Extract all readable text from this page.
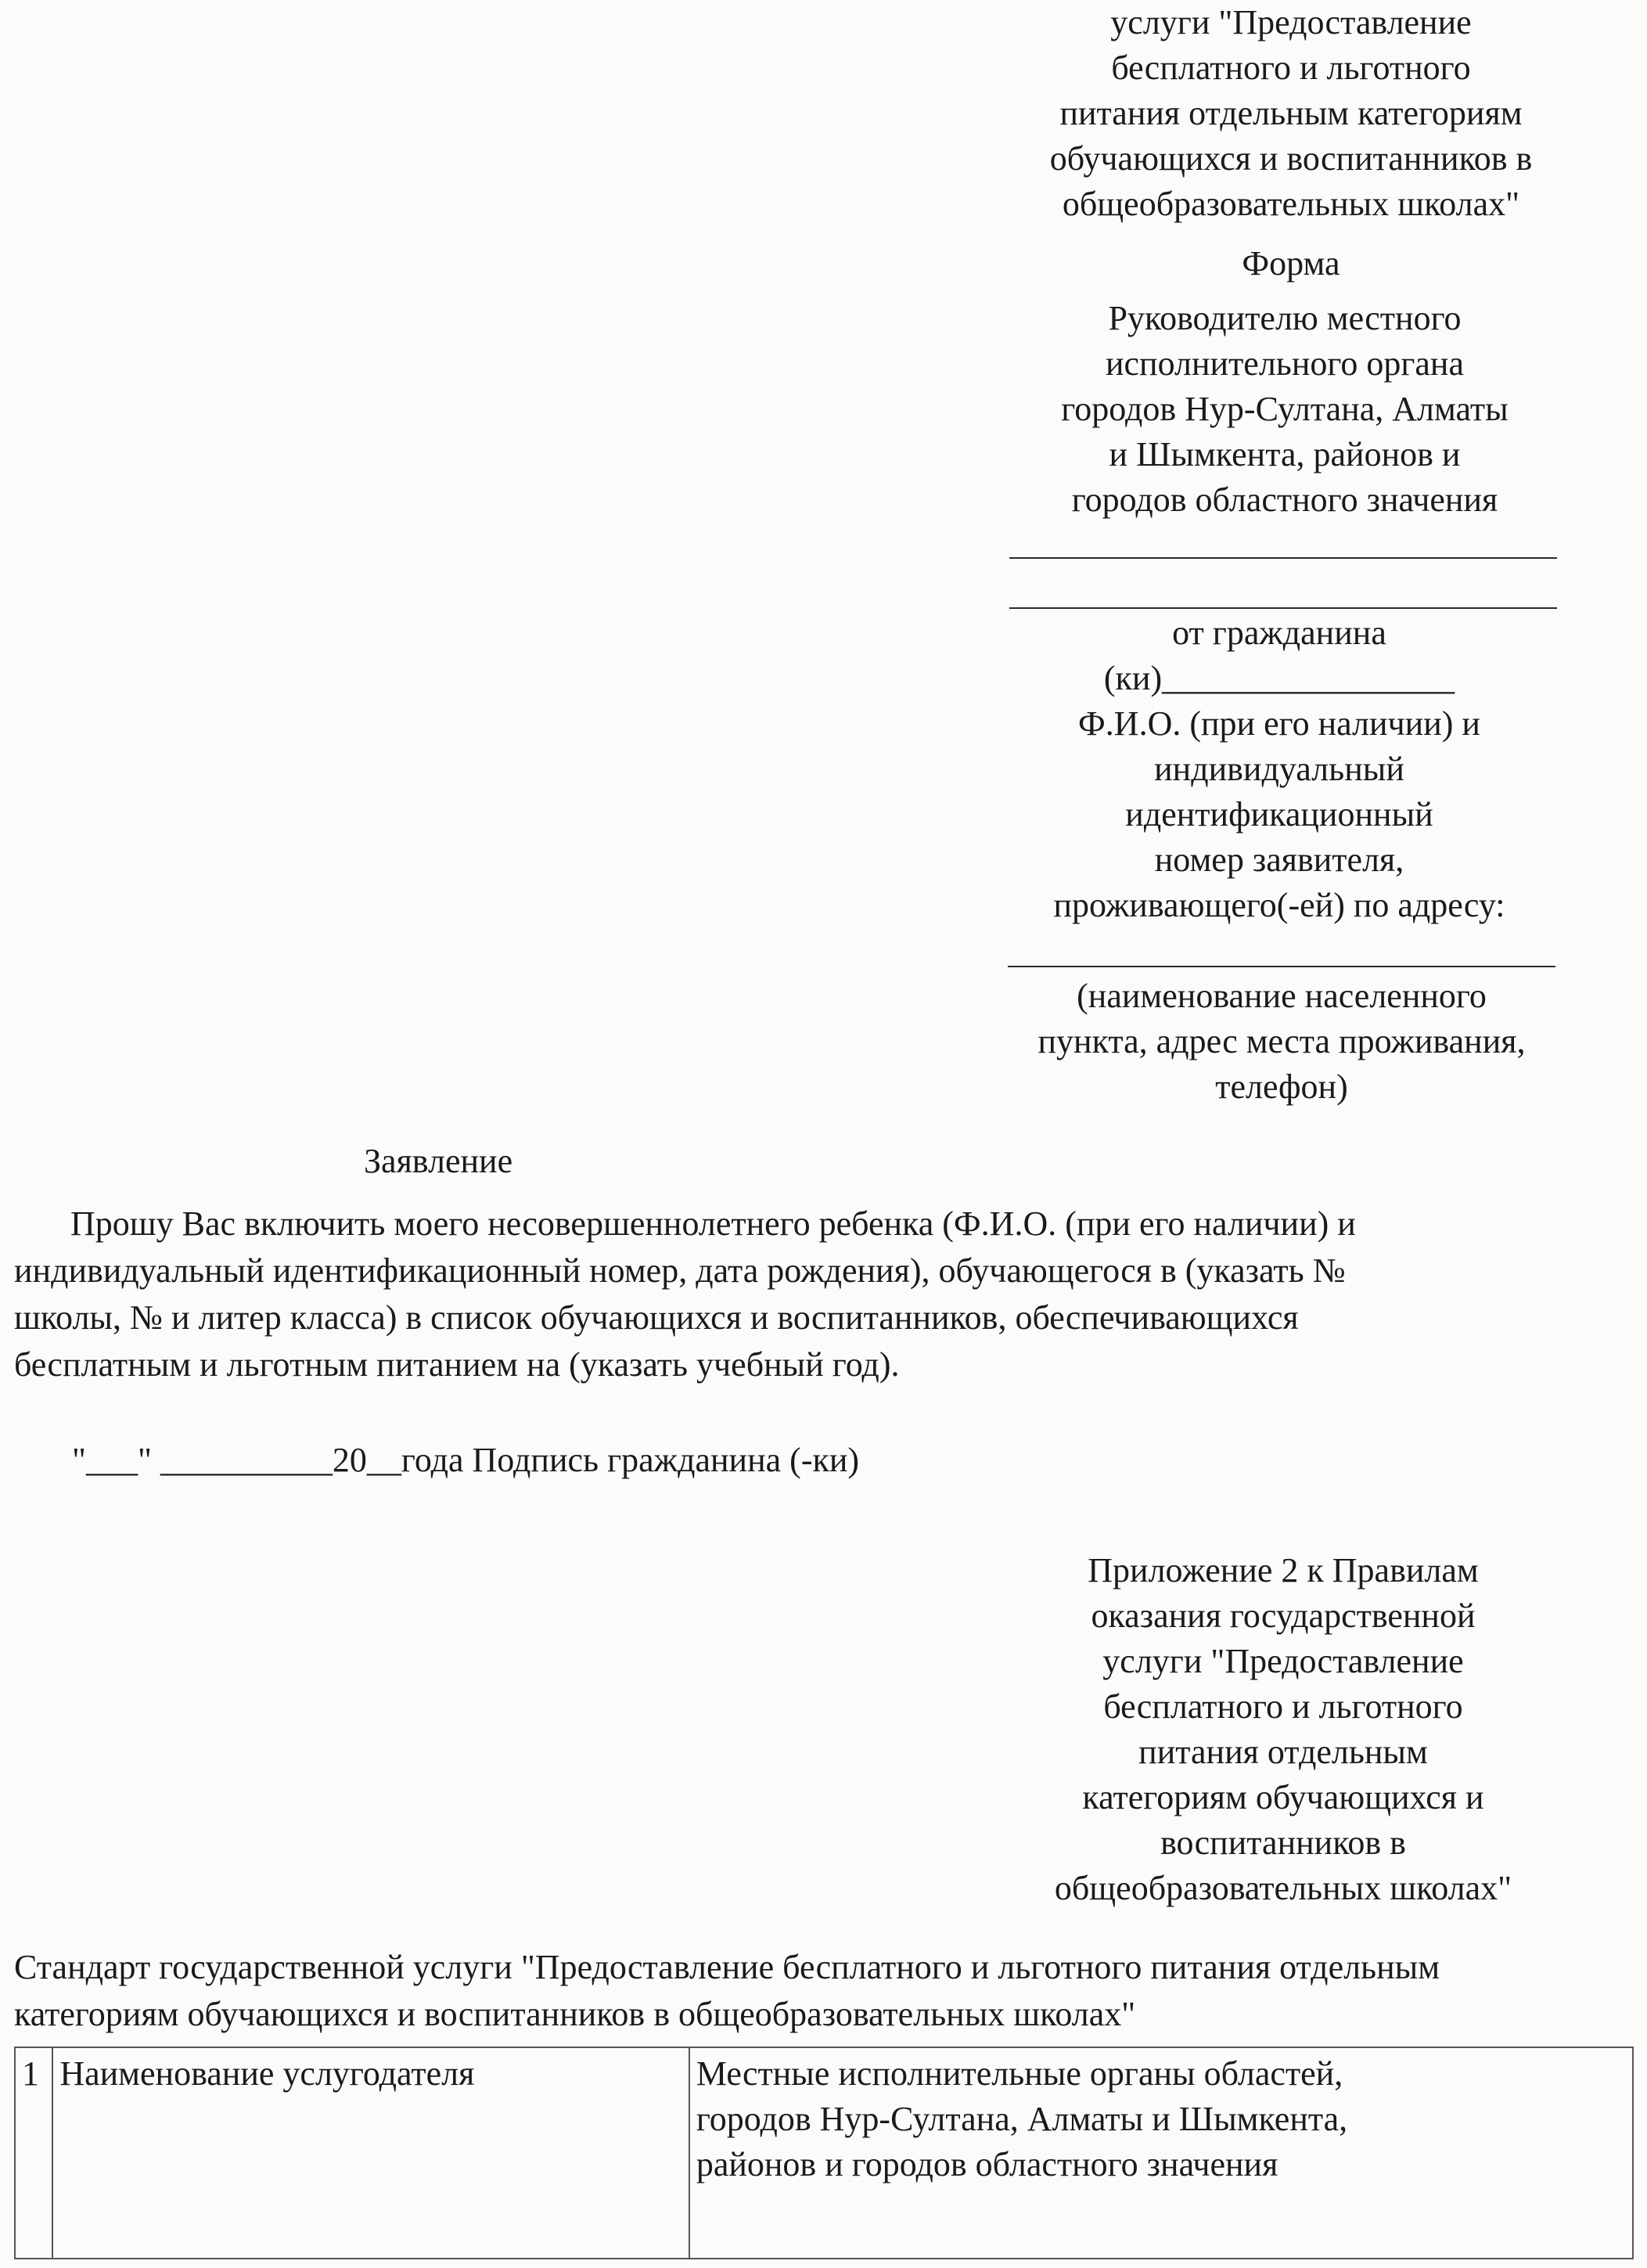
услуги "Предоставление
бесплатного и льготного
питания отдельным категориям
обучающихся и воспитанников в
общеобразовательных школах"
Форма
Руководителю местного
исполнительного органа
городов Нур-Султана, Алматы
и Шымкента, районов и
городов областного значения
от гражданина
(ки)_________________
Ф.И.О. (при его наличии) и
индивидуальный
идентификационный
номер заявителя,
проживающего(-ей) по адресу:
(наименование населенного
пункта, адрес места проживания,
телефон)
Заявление
Прошу Вас включить моего несовершеннолетнего ребенка (Ф.И.О. (при его наличии) и
индивидуальный идентификационный номер, дата рождения), обучающегося в (указать №
школы, № и литер класса) в список обучающихся и воспитанников, обеспечивающихся
бесплатным и льготным питанием на (указать учебный год).
"___" __________20__года Подпись гражданина (-ки)
Приложение 2 к Правилам
оказания государственной
услуги "Предоставление
бесплатного и льготного
питания отдельным
категориям обучающихся и
воспитанников в
общеобразовательных школах"
Стандарт государственной услуги "Предоставление бесплатного и льготного питания отдельным
категориям обучающихся и воспитанников в общеобразовательных школах"
1	Наименование услугодателя	Местные исполнительные органы областей,
городов Нур-Султана, Алматы и Шымкента,
районов и городов областного значения
